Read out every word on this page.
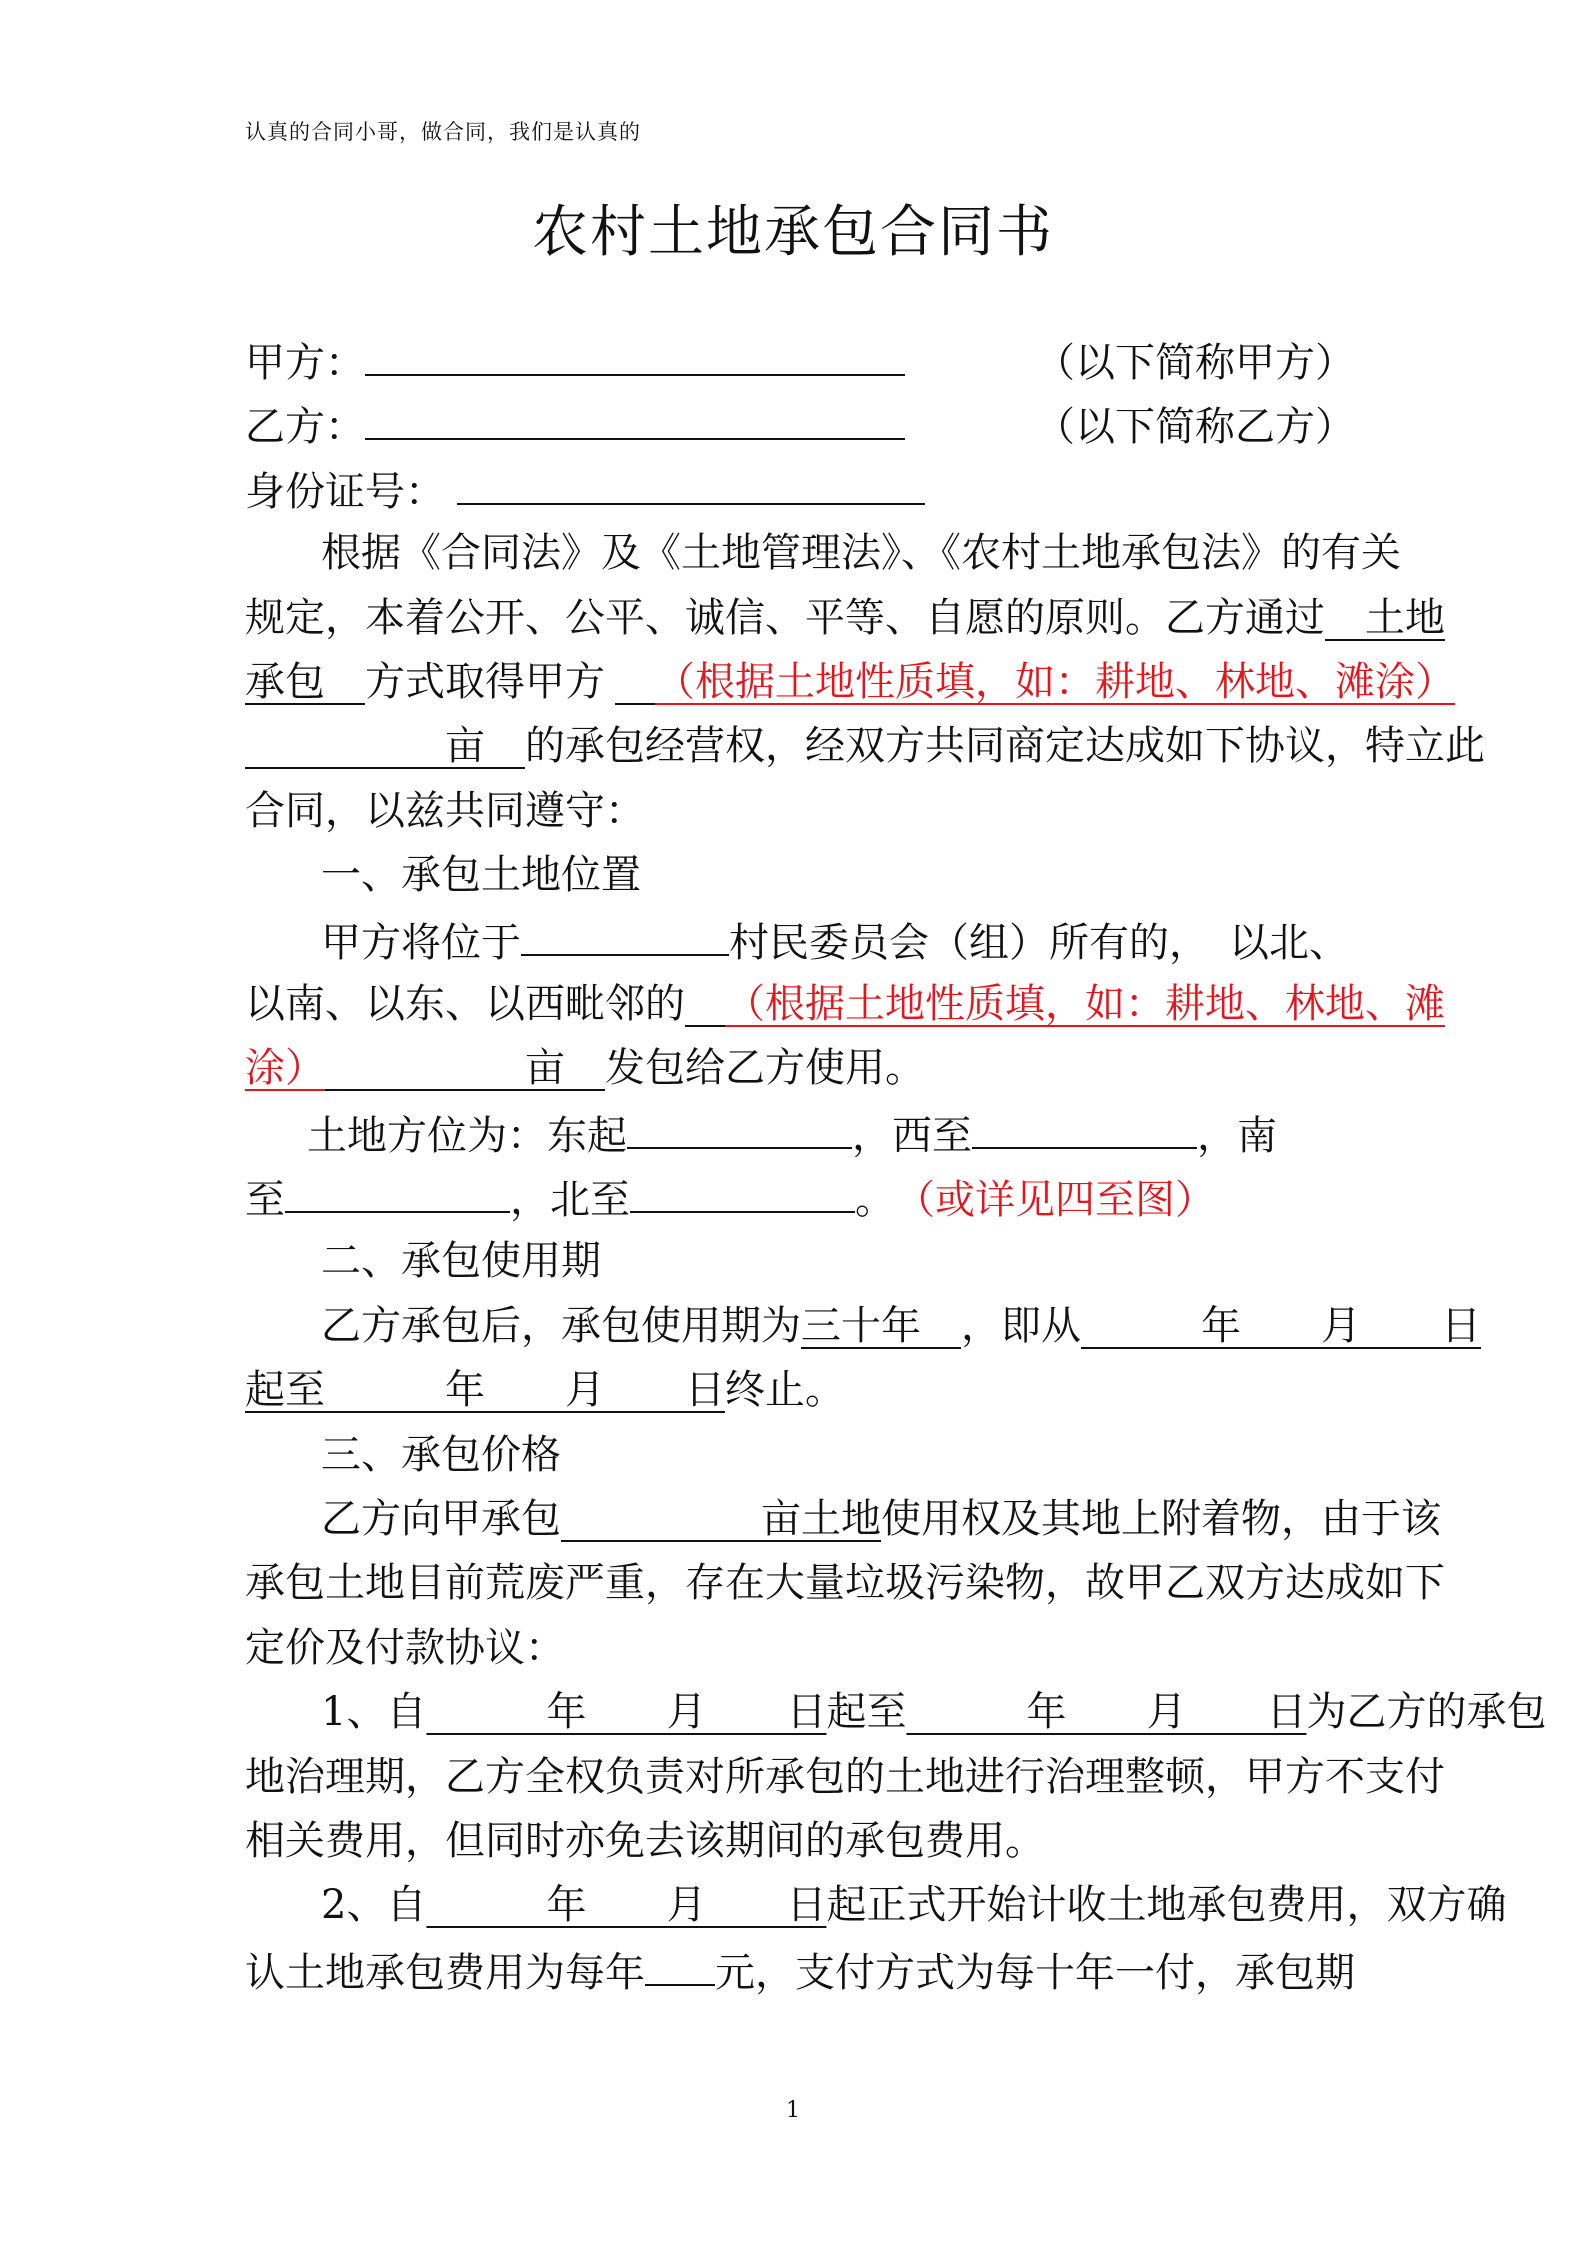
认真的合同小哥，做合同，我们是认真的
农村土地承包合同书
甲方：	（以下简称甲方）
乙方：	（以下简称乙方）
身份证号：
根据《合同法》及《土地管理法》、《农村土地承包法》的有关
规定，本着公开、公平、诚信、平等、自愿的原则。乙方通过 　土地
承包　 方式取得甲方
　 （根据土地性质填，如：耕地、林地、滩涂）
　　　　　亩　 的承包经营权，经双方共同商定达成如下协议，特立此
合同，以兹共同遵守：
一、承包土地位置
甲方将位于	村民委员会（组）所有的，　以北、
以南、以东、以西毗邻的
　 （根据土地性质填，如：耕地、林地、滩
涂） 　　　　　亩　 发包给乙方使用。
土地方位为：东起	，西至	，南
至	，北至	。 （或详见四至图）
二、承包使用期
乙方承包后，承包使用期为 三十年　 ，即从 　　　年　　月　　日
起至　　　年　　月　　日 终止。
三、承包价格
乙方向甲承包 　　　　　亩土地 使用权及其地上附着物，由于该
承包土地目前荒废严重，存在大量垃圾污染物，故甲乙双方达成如下
定价及付款协议：
1、自 　　　年　　月　　日 起至 　　　年　　月　　日 为乙方的承包
地治理期，乙方全权负责对所承包的土地进行治理整顿，甲方不支付
相关费用，但同时亦免去该期间的承包费用。
2、自 　　　年　　月　　日 起正式开始计收土地承包费用，双方确
认土地承包费用为每年 元，支付方式为每十年一付，承包期
1
